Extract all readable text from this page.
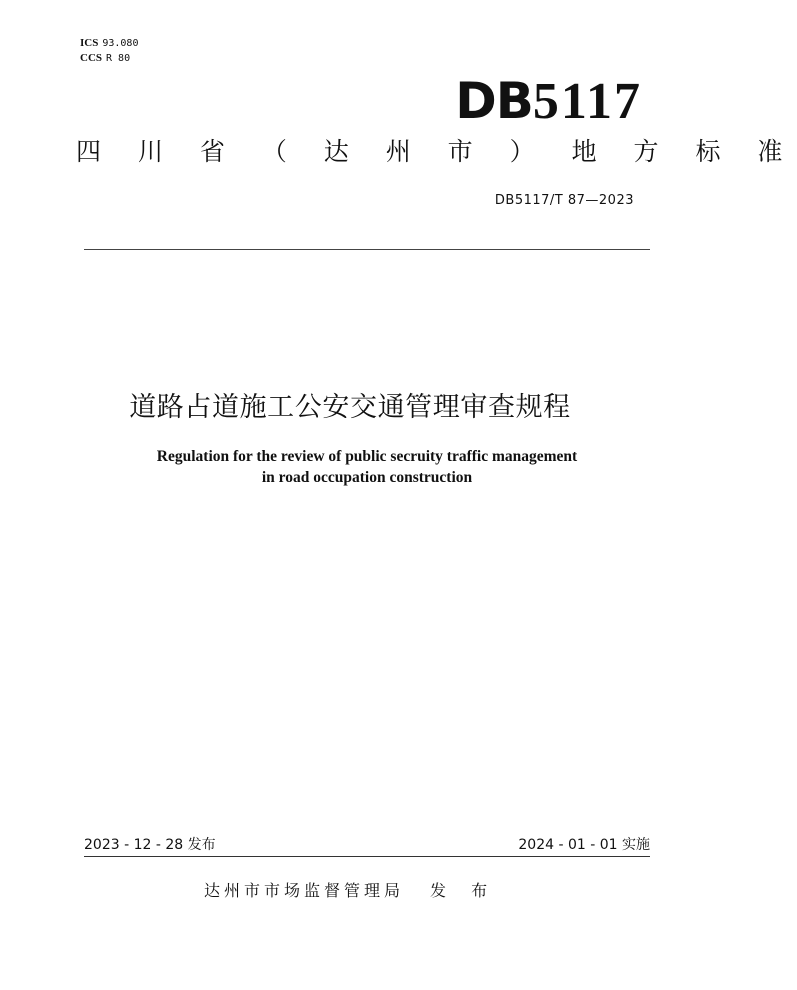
ICS 93.080
CCS R 80
DB5117
四 川 省 （ 达 州 市 ） 地 方 标 准
DB5117/T 87—2023
道路占道施工公安交通管理审查规程
Regulation for the review of public secruity traffic management
in road occupation construction
2023 - 12 - 28 发布	2024 - 01 - 01 实施
达州市市场监督管理局 发 布
